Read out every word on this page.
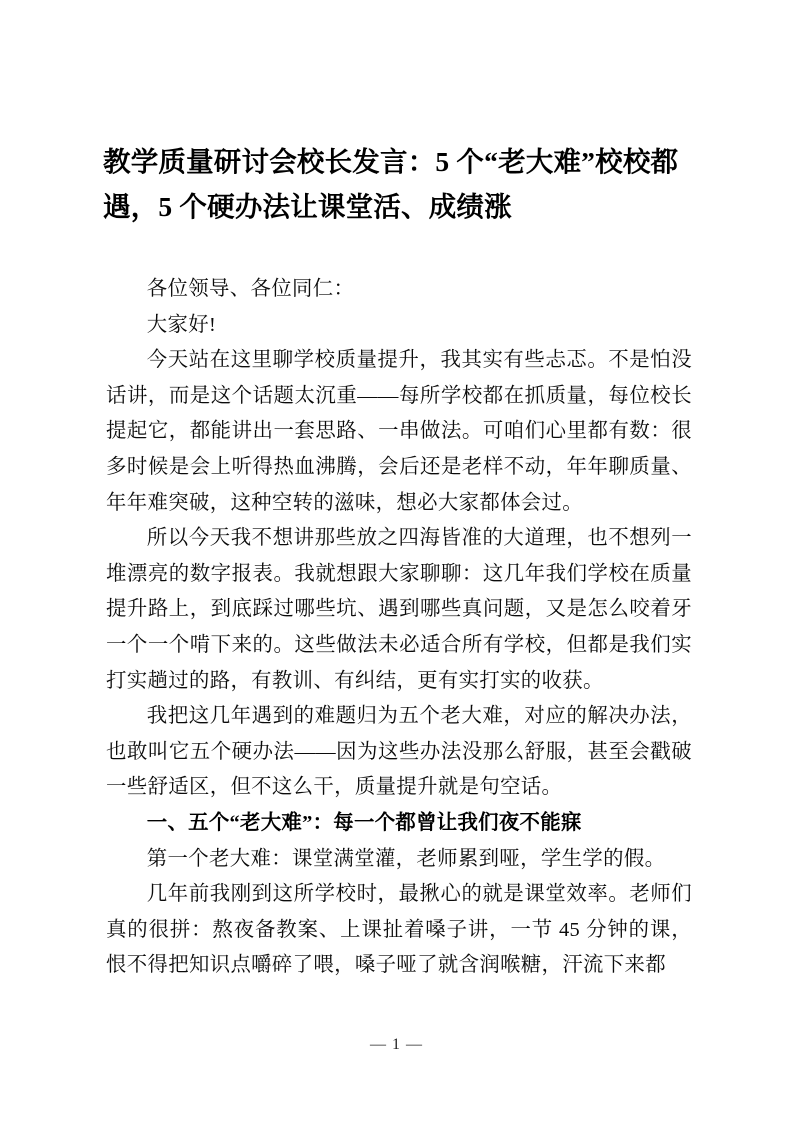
教学质量研讨会校长发言：5 个“老大难”校校都遇，5 个硬办法让课堂活、成绩涨

各位领导、各位同仁：

大家好!

今天站在这里聊学校质量提升，我其实有些忐忑。不是怕没话讲，而是这个话题太沉重——每所学校都在抓质量，每位校长提起它，都能讲出一套思路、一串做法。可咱们心里都有数：很多时候是会上听得热血沸腾，会后还是老样不动，年年聊质量、年年难突破，这种空转的滋味，想必大家都体会过。

所以今天我不想讲那些放之四海皆准的大道理，也不想列一堆漂亮的数字报表。我就想跟大家聊聊：这几年我们学校在质量提升路上，到底踩过哪些坑、遇到哪些真问题，又是怎么咬着牙一个一个啃下来的。这些做法未必适合所有学校，但都是我们实打实趟过的路，有教训、有纠结，更有实打实的收获。

我把这几年遇到的难题归为五个老大难，对应的解决办法，也敢叫它五个硬办法——因为这些办法没那么舒服，甚至会戳破一些舒适区，但不这么干，质量提升就是句空话。

一、五个“老大难”：每一个都曾让我们夜不能寐

第一个老大难：课堂满堂灌，老师累到哑，学生学的假。

几年前我刚到这所学校时，最揪心的就是课堂效率。老师们真的很拼：熬夜备教案、上课扯着嗓子讲，一节 45 分钟的课，恨不得把知识点嚼碎了喂，嗓子哑了就含润喉糖，汗流下来都

— 1 —
